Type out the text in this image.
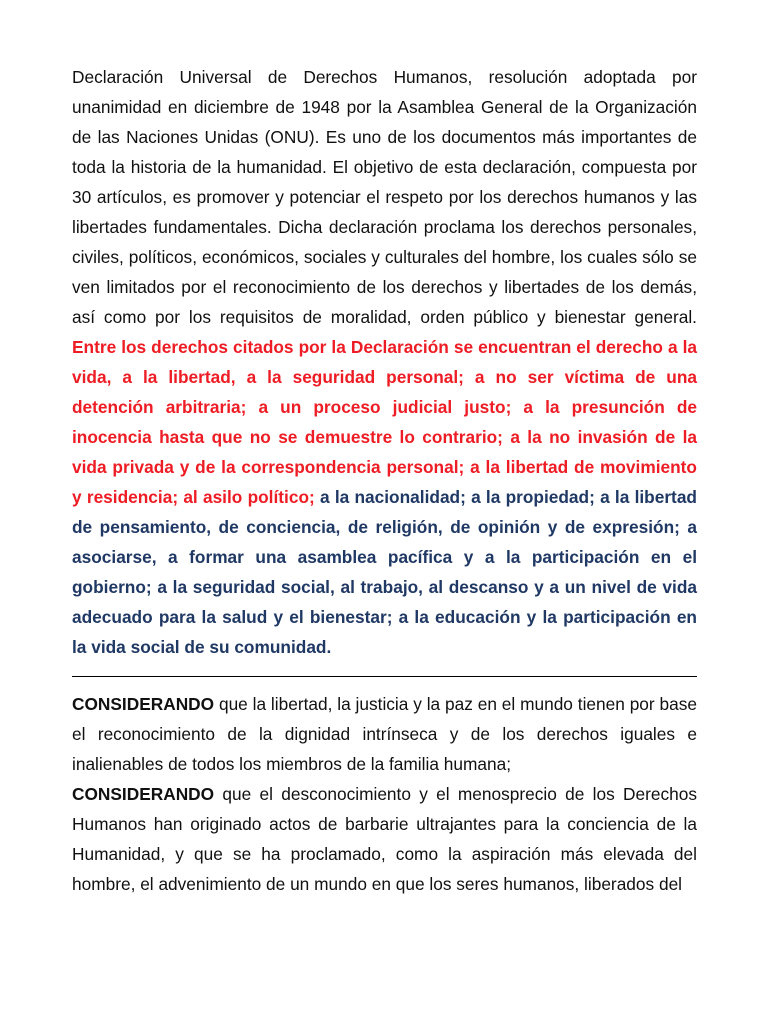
Declaración Universal de Derechos Humanos, resolución adoptada por unanimidad en diciembre de 1948 por la Asamblea General de la Organización de las Naciones Unidas (ONU). Es uno de los documentos más importantes de toda la historia de la humanidad. El objetivo de esta declaración, compuesta por 30 artículos, es promover y potenciar el respeto por los derechos humanos y las libertades fundamentales. Dicha declaración proclama los derechos personales, civiles, políticos, económicos, sociales y culturales del hombre, los cuales sólo se ven limitados por el reconocimiento de los derechos y libertades de los demás, así como por los requisitos de moralidad, orden público y bienestar general. Entre los derechos citados por la Declaración se encuentran el derecho a la vida, a la libertad, a la seguridad personal; a no ser víctima de una detención arbitraria; a un proceso judicial justo; a la presunción de inocencia hasta que no se demuestre lo contrario; a la no invasión de la vida privada y de la correspondencia personal; a la libertad de movimiento y residencia; al asilo político; a la nacionalidad; a la propiedad; a la libertad de pensamiento, de conciencia, de religión, de opinión y de expresión; a asociarse, a formar una asamblea pacífica y a la participación en el gobierno; a la seguridad social, al trabajo, al descanso y a un nivel de vida adecuado para la salud y el bienestar; a la educación y la participación en la vida social de su comunidad.

CONSIDERANDO que la libertad, la justicia y la paz en el mundo tienen por base el reconocimiento de la dignidad intrínseca y de los derechos iguales e inalienables de todos los miembros de la familia humana;

CONSIDERANDO que el desconocimiento y el menosprecio de los Derechos Humanos han originado actos de barbarie ultrajantes para la conciencia de la Humanidad, y que se ha proclamado, como la aspiración más elevada del hombre, el advenimiento de un mundo en que los seres humanos, liberados del
